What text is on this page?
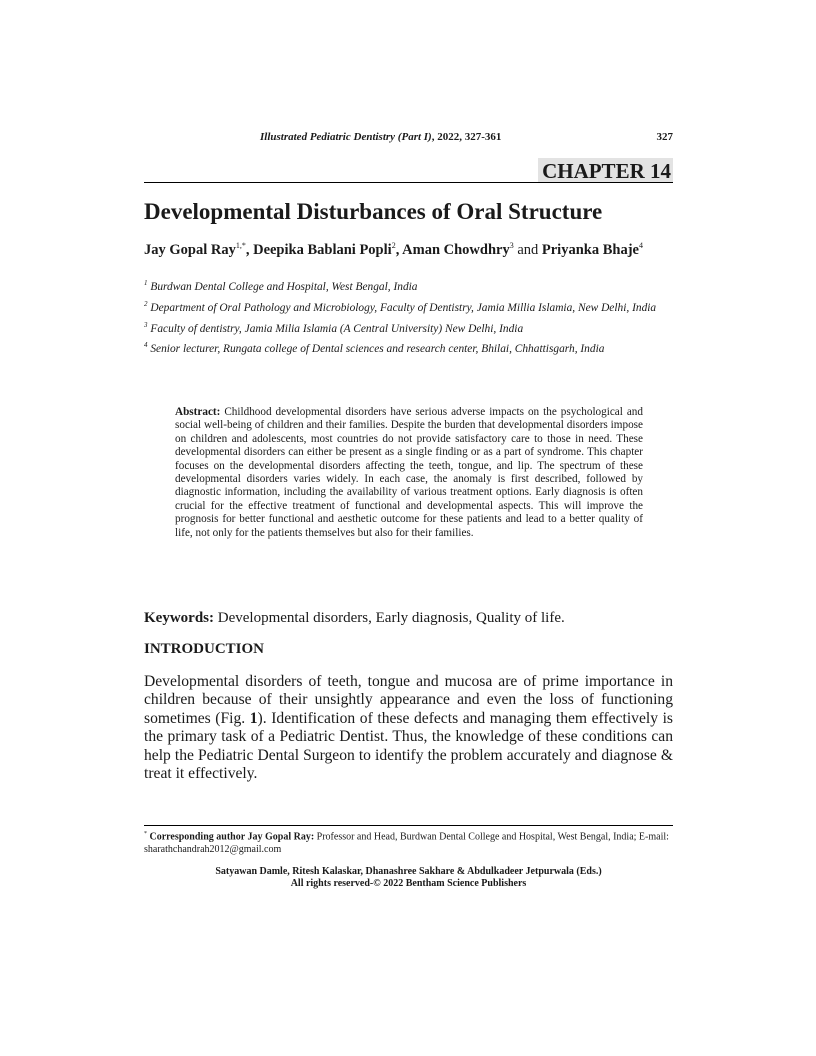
Illustrated Pediatric Dentistry (Part I), 2022, 327-361	327
CHAPTER 14
Developmental Disturbances of Oral Structure
Jay Gopal Ray$^{1,*}$, Deepika Bablani Popli$^2$, Aman Chowdhry$^3$ and Priyanka Bhaje$^4$

$^1$ Burdwan Dental College and Hospital, West Bengal, India

$^2$ Department of Oral Pathology and Microbiology, Faculty of Dentistry, Jamia Millia Islamia, New Delhi, India

$^3$ Faculty of dentistry, Jamia Milia Islamia (A Central University) New Delhi, India

$^4$ Senior lecturer, Rungata college of Dental sciences and research center, Bhilai, Chhattisgarh, India

Abstract: Childhood developmental disorders have serious adverse impacts on the psychological and social well-being of children and their families. Despite the burden that developmental disorders impose on children and adolescents, most countries do not provide satisfactory care to those in need. These developmental disorders can either be present as a single finding or as a part of syndrome. This chapter focuses on the developmental disorders affecting the teeth, tongue, and lip. The spectrum of these developmental disorders varies widely. In each case, the anomaly is first described, followed by diagnostic information, including the availability of various treatment options. Early diagnosis is often crucial for the effective treatment of functional and developmental aspects. This will improve the prognosis for better functional and aesthetic outcome for these patients and lead to a better quality of life, not only for the patients themselves but also for their families.

Keywords: Developmental disorders, Early diagnosis, Quality of life.

INTRODUCTION

Developmental disorders of teeth, tongue and mucosa are of prime importance in children because of their unsightly appearance and even the loss of functioning sometimes (Fig. 1). Identification of these defects and managing them effectively is the primary task of a Pediatric Dentist. Thus, the knowledge of these conditions can help the Pediatric Dental Surgeon to identify the problem accurately and diagnose & treat it effectively.

* Corresponding author Jay Gopal Ray: Professor and Head, Burdwan Dental College and Hospital, West Bengal, India; E-mail: sharathchandrah2012@gmail.com

Satyawan Damle, Ritesh Kalaskar, Dhanashree Sakhare & Abdulkadeer Jetpurwala (Eds.)
All rights reserved-© 2022 Bentham Science Publishers
